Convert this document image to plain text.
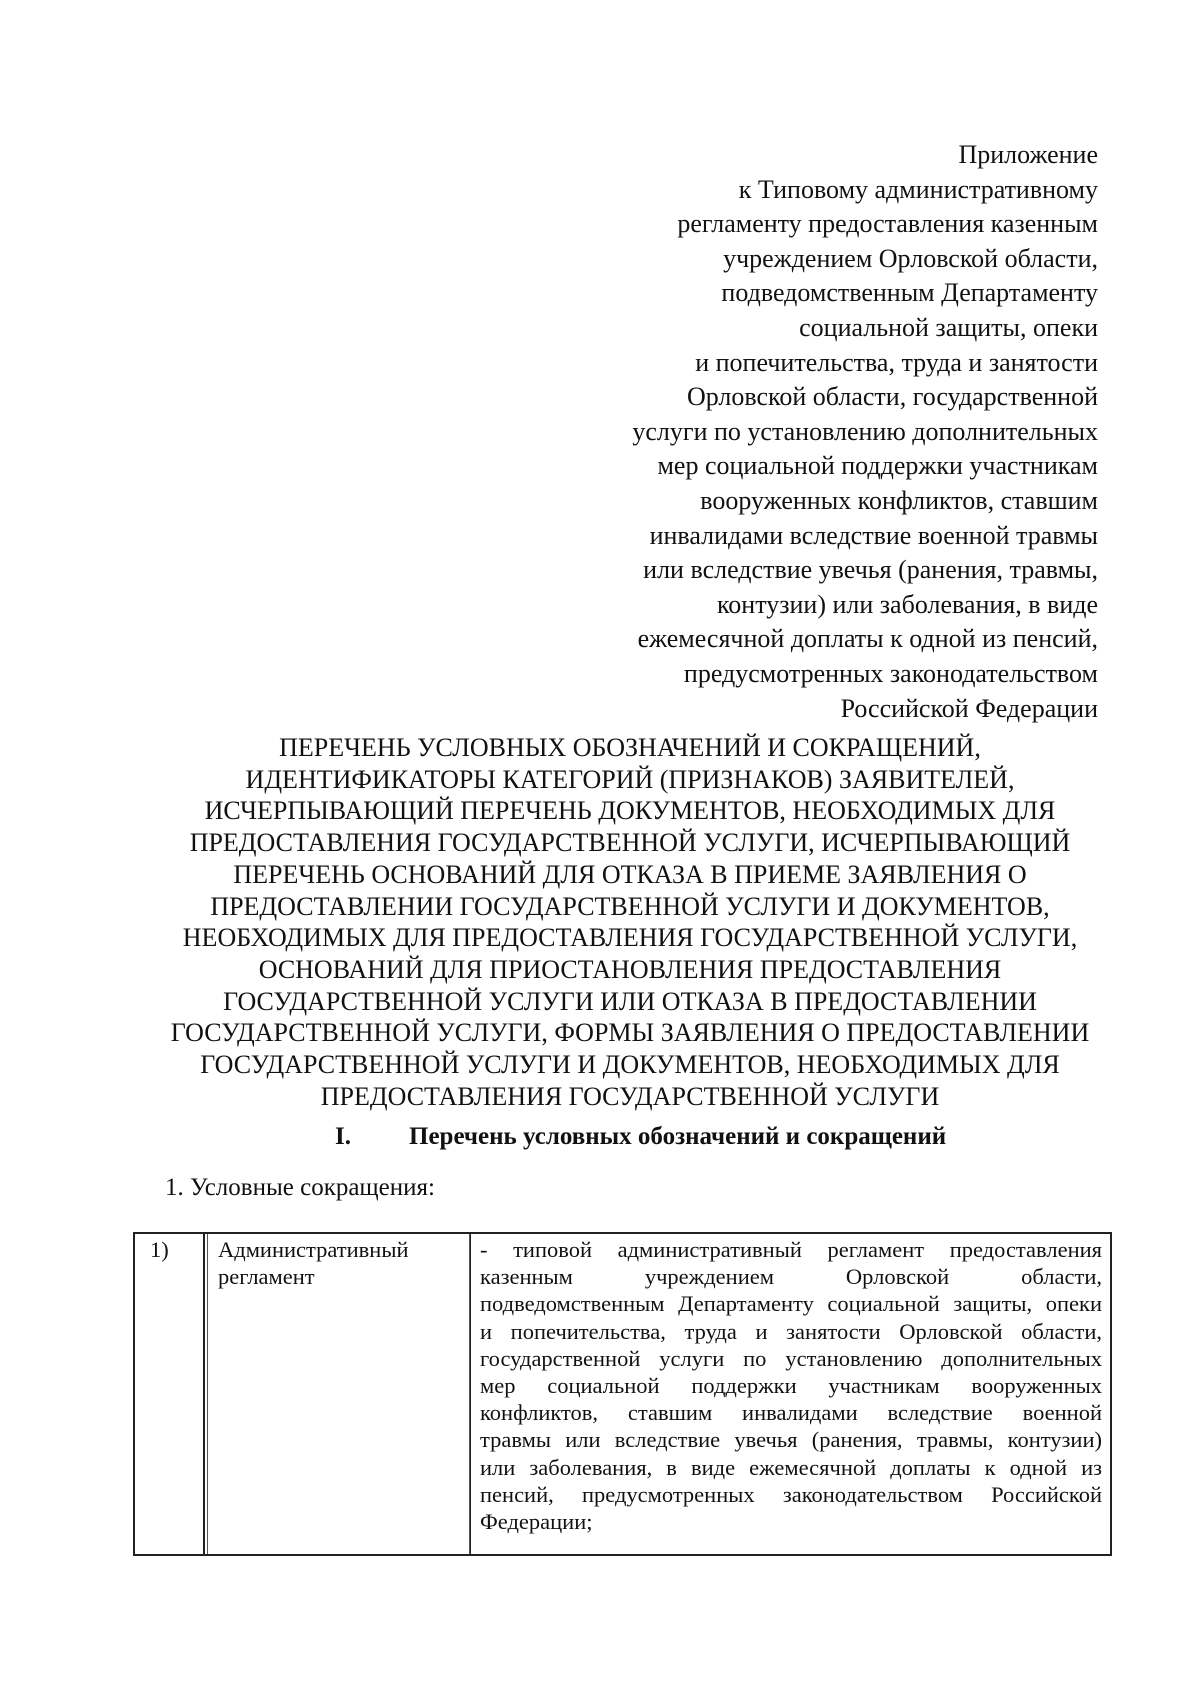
Приложение
к Типовому административному
регламенту предоставления казенным
учреждением Орловской области,
подведомственным Департаменту
социальной защиты, опеки
и попечительства, труда и занятости
Орловской области, государственной
услуги по установлению дополнительных
мер социальной поддержки участникам
вооруженных конфликтов, ставшим
инвалидами вследствие военной травмы
или вследствие увечья (ранения, травмы,
контузии) или заболевания, в виде
ежемесячной доплаты к одной из пенсий,
предусмотренных законодательством
Российской Федерации
ПЕРЕЧЕНЬ УСЛОВНЫХ ОБОЗНАЧЕНИЙ И СОКРАЩЕНИЙ,
ИДЕНТИФИКАТОРЫ КАТЕГОРИЙ (ПРИЗНАКОВ) ЗАЯВИТЕЛЕЙ,
ИСЧЕРПЫВАЮЩИЙ ПЕРЕЧЕНЬ ДОКУМЕНТОВ, НЕОБХОДИМЫХ ДЛЯ
ПРЕДОСТАВЛЕНИЯ ГОСУДАРСТВЕННОЙ УСЛУГИ, ИСЧЕРПЫВАЮЩИЙ
ПЕРЕЧЕНЬ ОСНОВАНИЙ ДЛЯ ОТКАЗА В ПРИЕМЕ ЗАЯВЛЕНИЯ О
ПРЕДОСТАВЛЕНИИ ГОСУДАРСТВЕННОЙ УСЛУГИ И ДОКУМЕНТОВ,
НЕОБХОДИМЫХ ДЛЯ ПРЕДОСТАВЛЕНИЯ ГОСУДАРСТВЕННОЙ УСЛУГИ,
ОСНОВАНИЙ ДЛЯ ПРИОСТАНОВЛЕНИЯ ПРЕДОСТАВЛЕНИЯ
ГОСУДАРСТВЕННОЙ УСЛУГИ ИЛИ ОТКАЗА В ПРЕДОСТАВЛЕНИИ
ГОСУДАРСТВЕННОЙ УСЛУГИ, ФОРМЫ ЗАЯВЛЕНИЯ О ПРЕДОСТАВЛЕНИИ
ГОСУДАРСТВЕННОЙ УСЛУГИ И ДОКУМЕНТОВ, НЕОБХОДИМЫХ ДЛЯ
ПРЕДОСТАВЛЕНИЯ ГОСУДАРСТВЕННОЙ УСЛУГИ
I. Перечень условных обозначений и сокращений
1. Условные сокращения:
1)	Административный регламент
- типовой административный регламент предоставления
казенным учреждением Орловской области,
подведомственным Департаменту социальной защиты, опеки
и попечительства, труда и занятости Орловской области,
государственной услуги по установлению дополнительных
мер социальной поддержки участникам вооруженных
конфликтов, ставшим инвалидами вследствие военной
травмы или вследствие увечья (ранения, травмы, контузии)
или заболевания, в виде ежемесячной доплаты к одной из
пенсий, предусмотренных законодательством Российской
Федерации;
